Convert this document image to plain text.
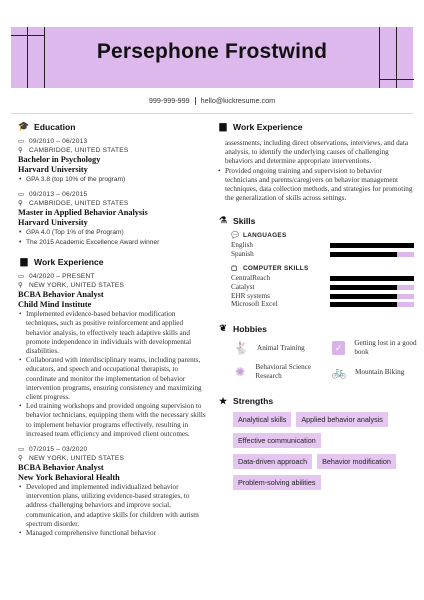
Persephone Frostwind
999-999-999 hello@kickresume.com
🎓 Education
▭ 09/2010 – 06/2013
⚲ CAMBRIDGE, UNITED STATES
Bachelor in Psychology
Harvard University
• GPA 3.8 (top 10% of the program)
▭ 09/2013 – 06/2015
⚲ CAMBRIDGE, UNITED STATES
Master in Applied Behavior Analysis
Harvard University
• GPA 4.0 (Top 1% of the Program)
• The 2015 Academic Excellence Award winner
▆ Work Experience
▭ 04/2020 – PRESENT
⚲ NEW YORK, UNITED STATES
BCBA Behavior Analyst
Child Mind Institute
• Implemented evidence-based behavior modification techniques, such as positive reinforcement and applied behavior analysis, to effectively teach adaptive skills and promote independence in individuals with developmental disabilities.
• Collaborated with interdisciplinary teams, including parents, educators, and speech and occupational therapists, to coordinate and monitor the implementation of behavior intervention programs, ensuring consistency and maximizing client progress.
• Led training workshops and provided ongoing supervision to behavior technicians, equipping them with the necessary skills to implement behavior programs effectively, resulting in increased team efficiency and improved client outcomes.
▭ 07/2015 – 03/2020
⚲ NEW YORK, UNITED STATES
BCBA Behavior Analyst
New York Behavioral Health
• Developed and implemented individualized behavior intervention plans, utilizing evidence-based strategies, to address challenging behaviors and improve social, communication, and adaptive skills for children with autism spectrum disorder.
• Managed comprehensive functional behavior
▆ Work Experience
assessments, including direct observations, interviews, and data analysis, to identify the underlying causes of challenging behaviors and determine appropriate interventions.
• Provided ongoing training and supervision to behavior technicians and parents/caregivers on behavior management techniques, data collection methods, and strategies for promoting the generalization of skills across settings.
⚗ Skills
💬 LANGUAGES
English
Spanish
▢ COMPUTER SKILLS
CentralReach
Catalyst
EHR systems
Microsoft Excel
❦ Hobbies
🐇 Animal Training	✓	Getting lost in a good book
✺	Behavioral Science Research	🚲 Mountain Biking
★ Strengths
Analytical skills	Applied behavior analysis
Effective communication
Data-driven approach	Behavior modification
Problem-solving abilities
